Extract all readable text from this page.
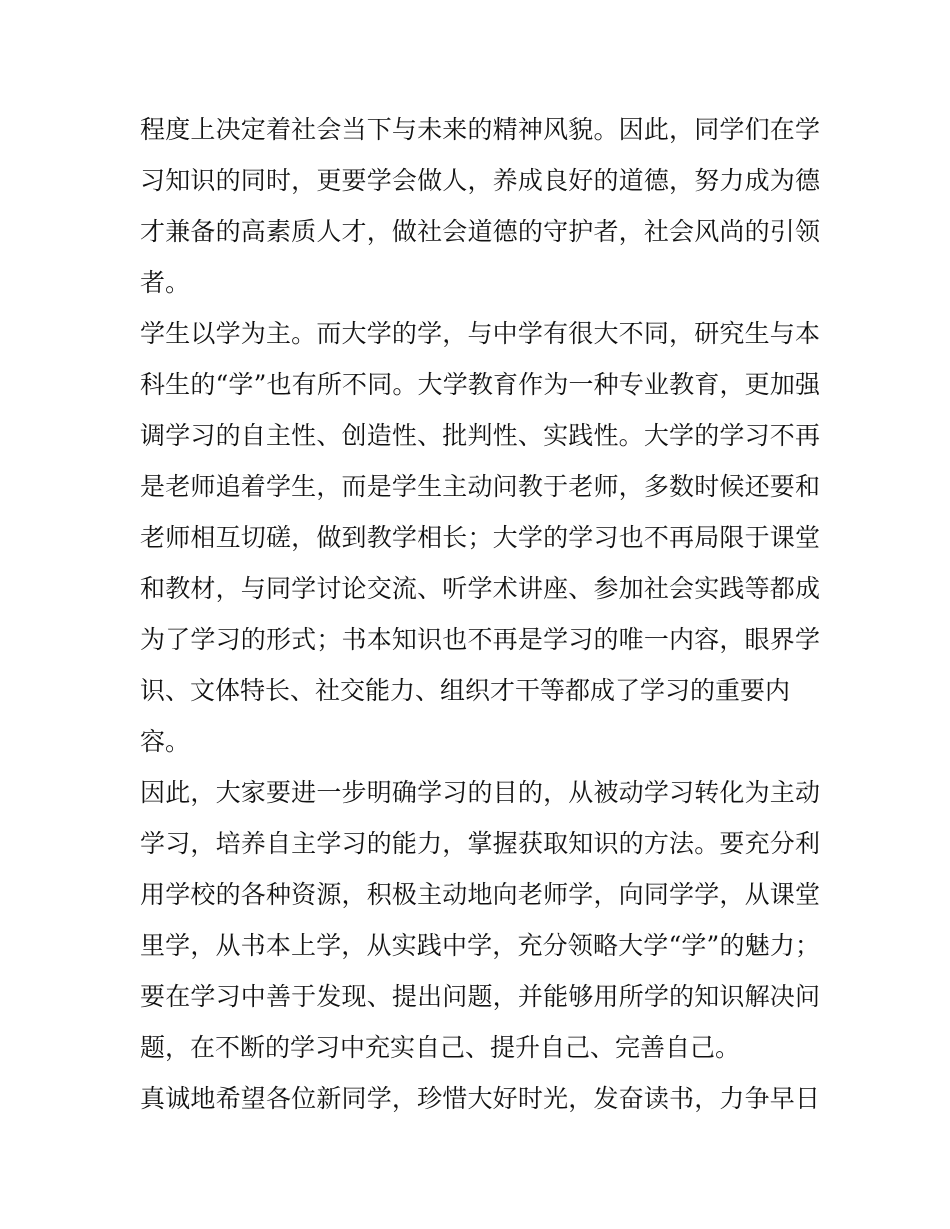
程度上决定着社会当下与未来的精神风貌。因此，同学们在学
习知识的同时，更要学会做人，养成良好的道德，努力成为德
才兼备的高素质人才，做社会道德的守护者，社会风尚的引领
者。
学生以学为主。而大学的学，与中学有很大不同，研究生与本
科生的“学”也有所不同。大学教育作为一种专业教育，更加强
调学习的自主性、创造性、批判性、实践性。大学的学习不再
是老师追着学生，而是学生主动问教于老师，多数时候还要和
老师相互切磋，做到教学相长；大学的学习也不再局限于课堂
和教材，与同学讨论交流、听学术讲座、参加社会实践等都成
为了学习的形式；书本知识也不再是学习的唯一内容，眼界学
识、文体特长、社交能力、组织才干等都成了学习的重要内
容。
因此，大家要进一步明确学习的目的，从被动学习转化为主动
学习，培养自主学习的能力，掌握获取知识的方法。要充分利
用学校的各种资源，积极主动地向老师学，向同学学，从课堂
里学，从书本上学，从实践中学，充分领略大学“学”的魅力；
要在学习中善于发现、提出问题，并能够用所学的知识解决问
题，在不断的学习中充实自己、提升自己、完善自己。
真诚地希望各位新同学，珍惜大好时光，发奋读书，力争早日
